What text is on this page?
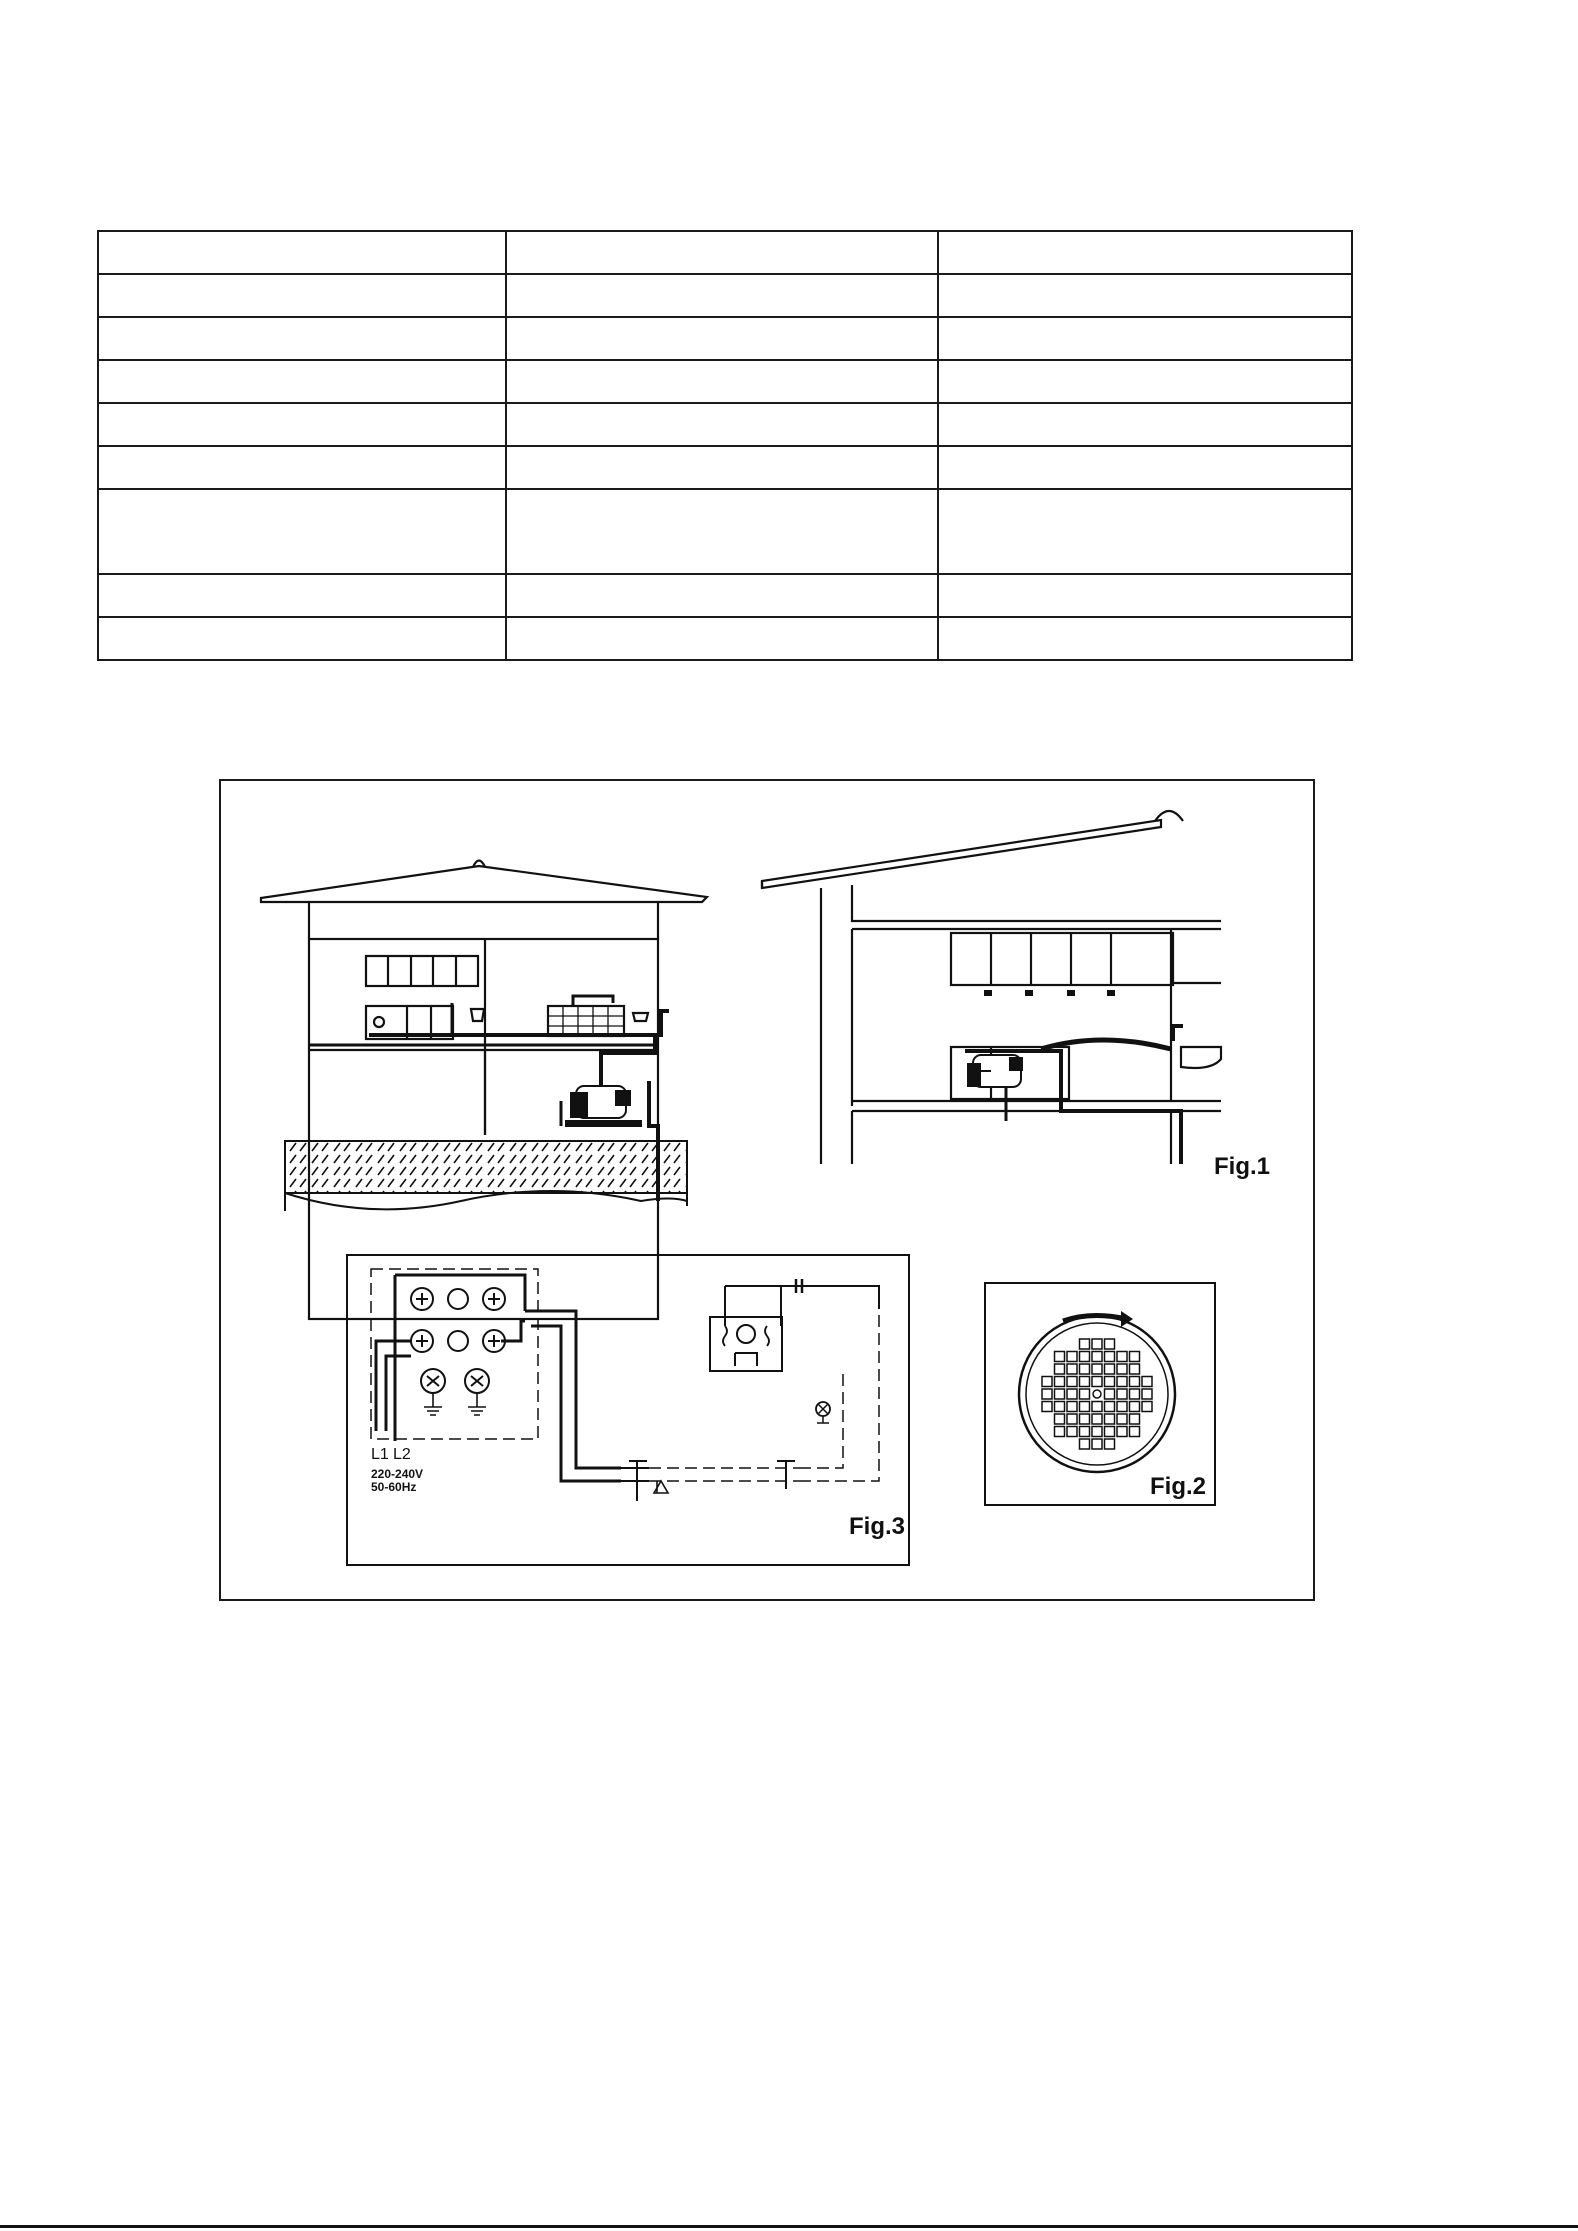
Fig.1
L1 L2
220-240V
50-60Hz
Fig.3
Fig.2
